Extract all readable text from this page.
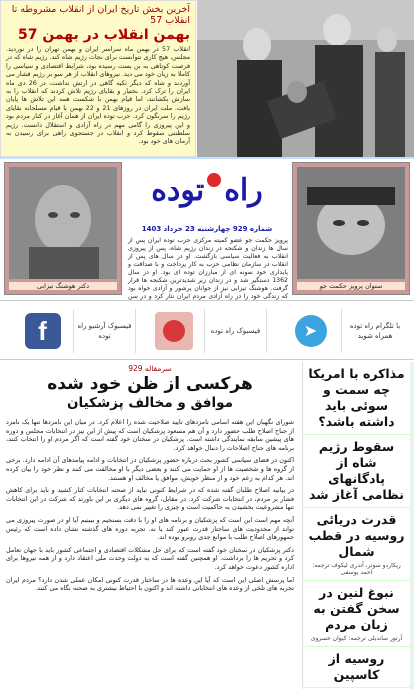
آخرین بخش تاریخ ایران از انقلاب مشروطه تا انقلاب 57
بهمن انقلاب در بهمن 57

انقلاب 57 در بهمن ماه سراسر ایران و بهمن تهران را در نوردید. مجلس، هیچ کاری نتوانست برای نجات رژیم شاه کند. رژیم شاه که در فرصت کوتاهی به بن بست رسیده بود، شرایط اقتصادی و سیاسی را کاملا به زیان خود می دید. نیروهای انقلاب از هر سو بر رژیم فشار می آوردند و شاه که دیگر تکیه گاهی در ارتش نداشت، در 26 دی ماه ایران را ترک کرد. بختیار و بقایای رژیم تلاش کردند که انقلاب را به سازش بکشانند، اما قیام بهمن با شکست همه این تلاش ها پایان یافت. ملت ایران در روزهای 21 و 22 بهمن با قیام مسلحانه بقایای رژیم را سرنگون کرد. حزب توده ایران از همان آغاز در کنار مردم بود و این پیروزی را گامی مهم در راه آزادی و استقلال دانست. رژیم سلطنتی سقوط کرد و انقلاب در جستجوی راهی برای رسیدن به آرمان های خود بود.

دکتر هوشنگ تیزابی
راهتوده
شماره 929 چهارشنبه 23 خرداد 1403
پرویز حکمت جو عضو کمیته مرکزی حزب توده ایران پس از سال ها زندان و شکنجه در زندان رژیم شاه، پس از پیروزی انقلاب به فعالیت سیاسی بازگشت. او در سال های پس از انقلاب در سازمان نظامی حزب به کار پرداخت و با صداقت و پایداری خود نمونه ای از مبارزان توده ای بود. او در سال 1362 دستگیر شد و در زندان زیر شدیدترین شکنجه ها قرار گرفت. هوشنگ تیزابی نیز از جوانان پرشور و آزادی خواه بود که زندگی خود را در راه آزادی مردم ایران نثار کرد و در سن
ستوان پرویز حکمت جو
با تلگرام راه توده همراه شوید
➤
فیسبوک راه توده
فیسبوک آرشیو راه توده
f
مذاکره با امریکا چه سمت و سوئی باید داشته باشد؟
سقوط رژیم شاه از پادگانهای نظامی آغاز شد
قدرت دریائی روسیه در قطب شمال
ریکاردو سوتر، آندری لیکوف ترجمه: احمد یوسفی
نبوغ لنین در سخن گفتن به زبان مردم
آرتور ساندیلی ترجمه: کیوان خسروی
روسیه از کاسپین
سرمقاله 929
هرکسی از ظن خود شده
موافق و مخالف پزشکیان

شورای نگهبان این هفته اسامی نامزدهای تایید صلاحیت شده را اعلام کرد. در میان این نامزدها تنها یک نامزد از جناح اصلاح طلب حضور دارد و آن هم مسعود پزشکیان است که پیش از این نیز در انتخابات مجلس و دوره های پیشین سابقه نمایندگی داشته است. پزشکیان در سخنان خود گفته است که اگر مردم او را انتخاب کنند، برنامه های جناح اصلاحات را دنبال خواهد کرد.

اکنون در فضای سیاسی کشور بحث درباره حضور پزشکیان در انتخابات و ادامه پیامدهای آن ادامه دارد. برخی از گروه ها و شخصیت ها از او حمایت می کنند و بعضی دیگر با او مخالفت می کنند و نظر خود را بیان کرده اند. هر کدام به زعم خود و از منظر خویش، موافق یا مخالف او هستند.

در بیانیه اصلاح طلبان گفته شده که در شرایط کنونی نباید از صحنه انتخابات کنار کشید و باید برای کاهش فشار بر مردم، در انتخابات شرکت کرد. در مقابل، گروه های دیگری بر این باورند که شرکت در این انتخابات تنها مشروعیت بخشیدن به حاکمیت است و چیزی را تغییر نمی دهد.

آنچه مهم است این است که پزشکیان و برنامه های او را با دقت بسنجیم و ببینیم آیا او در صورت پیروزی می تواند از محدودیت های ساختار قدرت عبور کند یا نه. تجربه دوره های گذشته نشان داده است که رئیس جمهورهای اصلاح طلب با موانع جدی روبرو بوده اند.

دکتر پزشکیان در سخنان خود گفته است که برای حل مشکلات اقتصادی و اجتماعی کشور باید با جهان تعامل کرد و تحریم ها را برداشت. او همچنین گفته است که به دولت وحدت ملی اعتقاد دارد و از همه نیروها برای اداره کشور دعوت خواهد کرد.

اما پرسش اصلی این است که آیا این وعده ها در ساختار قدرت کنونی امکان عملی شدن دارد؟ مردم ایران تجربه های تلخی از وعده های انتخاباتی داشته اند و اکنون با احتیاط بیشتری به صحنه نگاه می کنند.
